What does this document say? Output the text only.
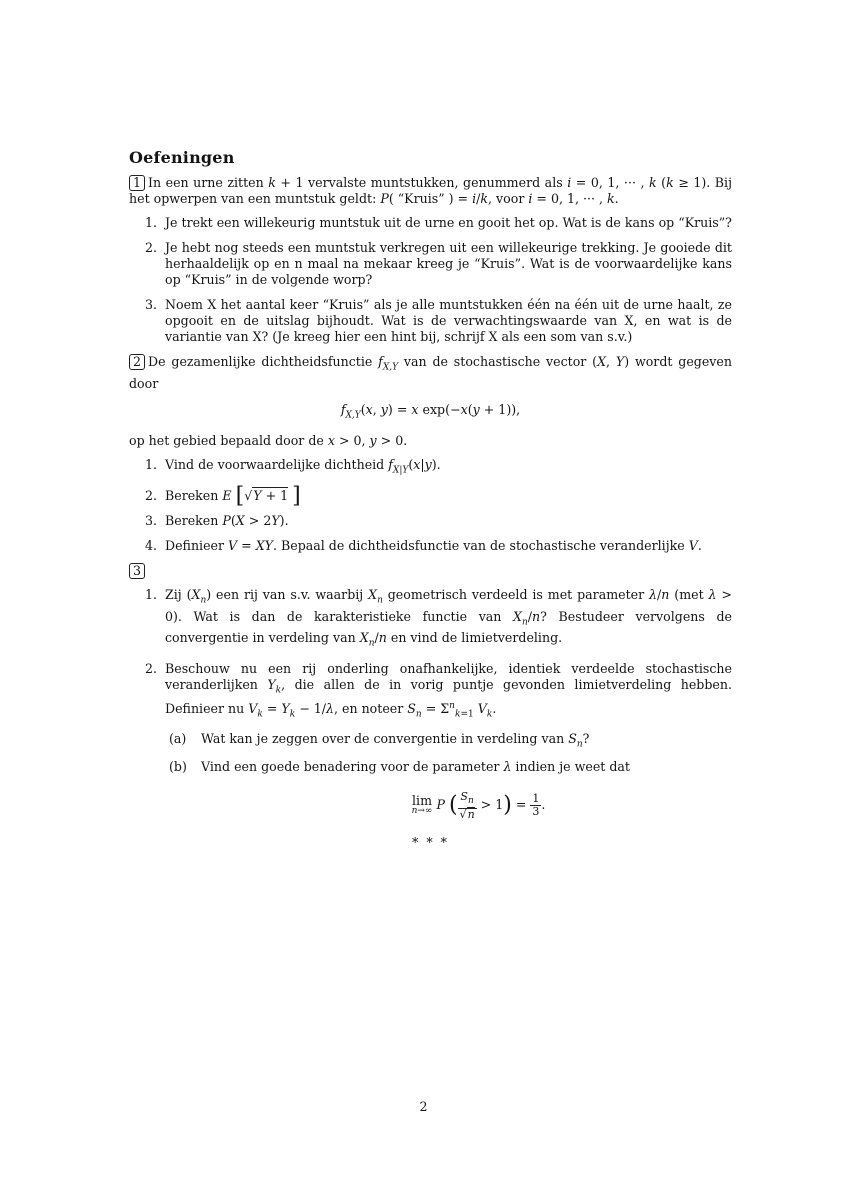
Oefeningen
1 In een urne zitten k + 1 vervalste muntstukken, genummerd als i = 0, 1, ··· , k (k ≥ 1). Bij het opwerpen van een muntstuk geldt: P( “Kruis” ) = i/k, voor i = 0, 1, ··· , k.
1. Je trekt een willekeurig muntstuk uit de urne en gooit het op. Wat is de kans op “Kruis”?
2. Je hebt nog steeds een muntstuk verkregen uit een willekeurige trekking. Je gooiede dit herhaaldelijk op en n maal na mekaar kreeg je “Kruis”. Wat is de voorwaardelijke kans op “Kruis” in de volgende worp?
3. Noem X het aantal keer “Kruis” als je alle muntstukken één na één uit de urne haalt, ze opgooit en de uitslag bijhoudt. Wat is de verwachtingswaarde van X, en wat is de variantie van X? (Je kreeg hier een hint bij, schrijf X als een som van s.v.)
2 De gezamenlijke dichtheidsfunctie $f_{X,Y}$ van de stochastische vector (X, Y) wordt gegeven door
$f_{X,Y}(x$, y) = x exp(−x(y + 1)),
op het gebied bepaald door de x > 0, y > 0.
1. Vind de voorwaardelijke dichtheid $f_{X|Y}(x|y)$.
2. Bereken E [√Y + 1 ]
3. Bereken P(X > 2Y).
4. Definieer V = XY. Bepaal de dichtheidsfunctie van de stochastische veranderlijke V.
3
1. Zij $(X_n)$ een rij van s.v. waarbij $X_n$ geometrisch verdeeld is met parameter λ/n (met λ > 0). Wat is dan de karakteristieke functie van $X_n/n$? Bestudeer vervolgens de convergentie in verdeling van $X_n/n$ en vind de limietverdeling.
2. Beschouw nu een rij onderling onafhankelijke, identiek verdeelde stochastische veranderlijken $Y_k$, die allen de in vorig puntje gevonden limietverdeling hebben. Definieer nu $V_k = Y_k - 1/\lambda$, en noteer $S_n = \Sigma^n_{k=1}$ $V_k$.
(a) Wat kan je zeggen over de convergentie in verdeling van $S_n$?
(b) Vind een goede benadering voor de parameter λ indien je weet dat
lim
n→∞ P ( $\frac{S_n}{√n} > 1) = \frac{1}{3}$ .
* * *
2
